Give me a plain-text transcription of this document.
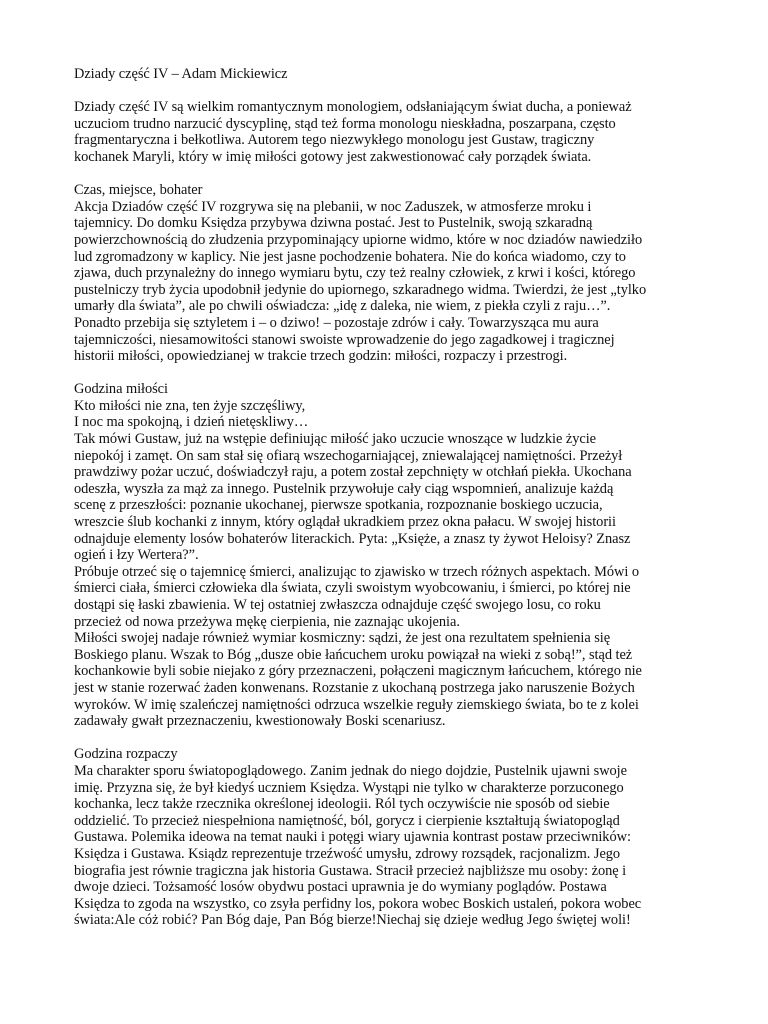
Dziady część IV – Adam Mickiewicz

Dziady część IV są wielkim romantycznym monologiem, odsłaniającym świat ducha, a ponieważ
uczuciom trudno narzucić dyscyplinę, stąd też forma monologu nieskładna, poszarpana, często
fragmentaryczna i bełkotliwa. Autorem tego niezwykłego monologu jest Gustaw, tragiczny
kochanek Maryli, który w imię miłości gotowy jest zakwestionować cały porządek świata.

Czas, miejsce, bohater

Akcja Dziadów część IV rozgrywa się na plebanii, w noc Zaduszek, w atmosferze mroku i
tajemnicy. Do domku Księdza przybywa dziwna postać. Jest to Pustelnik, swoją szkaradną
powierzchownością do złudzenia przypominający upiorne widmo, które w noc dziadów nawiedziło
lud zgromadzony w kaplicy. Nie jest jasne pochodzenie bohatera. Nie do końca wiadomo, czy to
zjawa, duch przynależny do innego wymiaru bytu, czy też realny człowiek, z krwi i kości, którego
pustelniczy tryb życia upodobnił jedynie do upiornego, szkaradnego widma. Twierdzi, że jest „tylko
umarły dla świata”, ale po chwili oświadcza: „idę z daleka, nie wiem, z piekła czyli z raju…”.
Ponadto przebija się sztyletem i – o dziwo! – pozostaje zdrów i cały. Towarzysząca mu aura
tajemniczości, niesamowitości stanowi swoiste wprowadzenie do jego zagadkowej i tragicznej
historii miłości, opowiedzianej w trakcie trzech godzin: miłości, rozpaczy i przestrogi.

Godzina miłości

Kto miłości nie zna, ten żyje szczęśliwy,
I noc ma spokojną, i dzień nietęskliwy…
Tak mówi Gustaw, już na wstępie definiując miłość jako uczucie wnoszące w ludzkie życie
niepokój i zamęt. On sam stał się ofiarą wszechogarniającej, zniewalającej namiętności. Przeżył
prawdziwy pożar uczuć, doświadczył raju, a potem został zepchnięty w otchłań piekła. Ukochana
odeszła, wyszła za mąż za innego. Pustelnik przywołuje cały ciąg wspomnień, analizuje każdą
scenę z przeszłości: poznanie ukochanej, pierwsze spotkania, rozpoznanie boskiego uczucia,
wreszcie ślub kochanki z innym, który oglądał ukradkiem przez okna pałacu. W swojej historii
odnajduje elementy losów bohaterów literackich. Pyta: „Księże, a znasz ty żywot Heloisy? Znasz
ogień i łzy Wertera?”.

Próbuje otrzeć się o tajemnicę śmierci, analizując to zjawisko w trzech różnych aspektach. Mówi o
śmierci ciała, śmierci człowieka dla świata, czyli swoistym wyobcowaniu, i śmierci, po której nie
dostąpi się łaski zbawienia. W tej ostatniej zwłaszcza odnajduje część swojego losu, co roku
przecież od nowa przeżywa mękę cierpienia, nie zaznając ukojenia.

Miłości swojej nadaje również wymiar kosmiczny: sądzi, że jest ona rezultatem spełnienia się
Boskiego planu. Wszak to Bóg „dusze obie łańcuchem uroku powiązał na wieki z sobą!”, stąd też
kochankowie byli sobie niejako z góry przeznaczeni, połączeni magicznym łańcuchem, którego nie
jest w stanie rozerwać żaden konwenans. Rozstanie z ukochaną postrzega jako naruszenie Bożych
wyroków. W imię szaleńczej namiętności odrzuca wszelkie reguły ziemskiego świata, bo te z kolei
zadawały gwałt przeznaczeniu, kwestionowały Boski scenariusz.

Godzina rozpaczy

Ma charakter sporu światopoglądowego. Zanim jednak do niego dojdzie, Pustelnik ujawni swoje
imię. Przyzna się, że był kiedyś uczniem Księdza. Wystąpi nie tylko w charakterze porzuconego
kochanka, lecz także rzecznika określonej ideologii. Ról tych oczywiście nie sposób od siebie
oddzielić. To przecież niespełniona namiętność, ból, gorycz i cierpienie kształtują światopogląd
Gustawa. Polemika ideowa na temat nauki i potęgi wiary ujawnia kontrast postaw przeciwników:
Księdza i Gustawa. Ksiądz reprezentuje trzeźwość umysłu, zdrowy rozsądek, racjonalizm. Jego
biografia jest równie tragiczna jak historia Gustawa. Stracił przecież najbliższe mu osoby: żonę i
dwoje dzieci. Tożsamość losów obydwu postaci uprawnia je do wymiany poglądów. Postawa
Księdza to zgoda na wszystko, co zsyła perfidny los, pokora wobec Boskich ustaleń, pokora wobec
świata:Ale cóż robić? Pan Bóg daje, Pan Bóg bierze!Niechaj się dzieje według Jego świętej woli!
